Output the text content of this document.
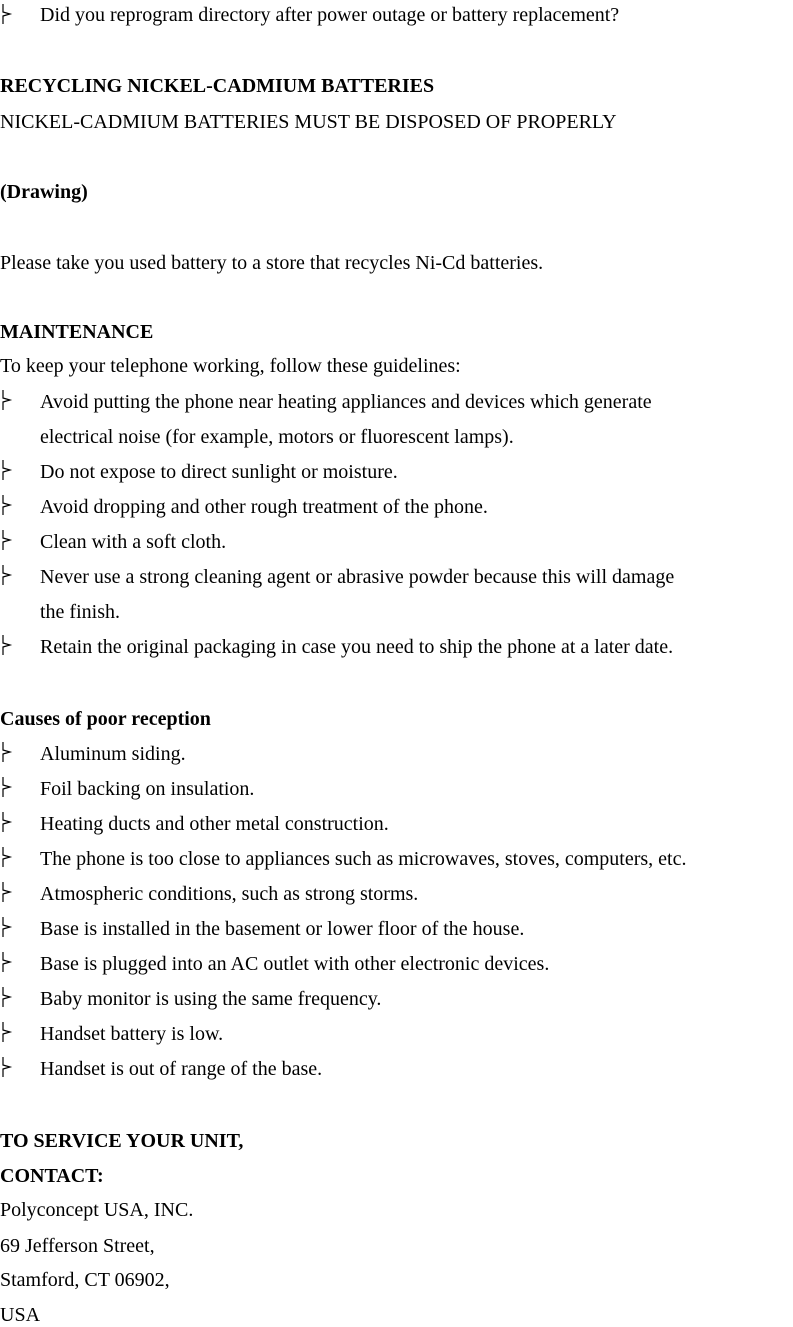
Did you reprogram directory after power outage or battery replacement?
RECYCLING NICKEL-CADMIUM BATTERIES
NICKEL-CADMIUM BATTERIES MUST BE DISPOSED OF PROPERLY
(Drawing)
Please take you used battery to a store that recycles Ni-Cd batteries.
MAINTENANCE
To keep your telephone working, follow these guidelines:
Avoid putting the phone near heating appliances and devices which generate
electrical noise (for example, motors or fluorescent lamps).
Do not expose to direct sunlight or moisture.
Avoid dropping and other rough treatment of the phone.
Clean with a soft cloth.
Never use a strong cleaning agent or abrasive powder because this will damage
the finish.
Retain the original packaging in case you need to ship the phone at a later date.
Causes of poor reception
Aluminum siding.
Foil backing on insulation.
Heating ducts and other metal construction.
The phone is too close to appliances such as microwaves, stoves, computers, etc.
Atmospheric conditions, such as strong storms.
Base is installed in the basement or lower floor of the house.
Base is plugged into an AC outlet with other electronic devices.
Baby monitor is using the same frequency.
Handset battery is low.
Handset is out of range of the base.
TO SERVICE YOUR UNIT,
CONTACT:
Polyconcept USA, INC.
69 Jefferson Street,
Stamford, CT 06902,
USA
